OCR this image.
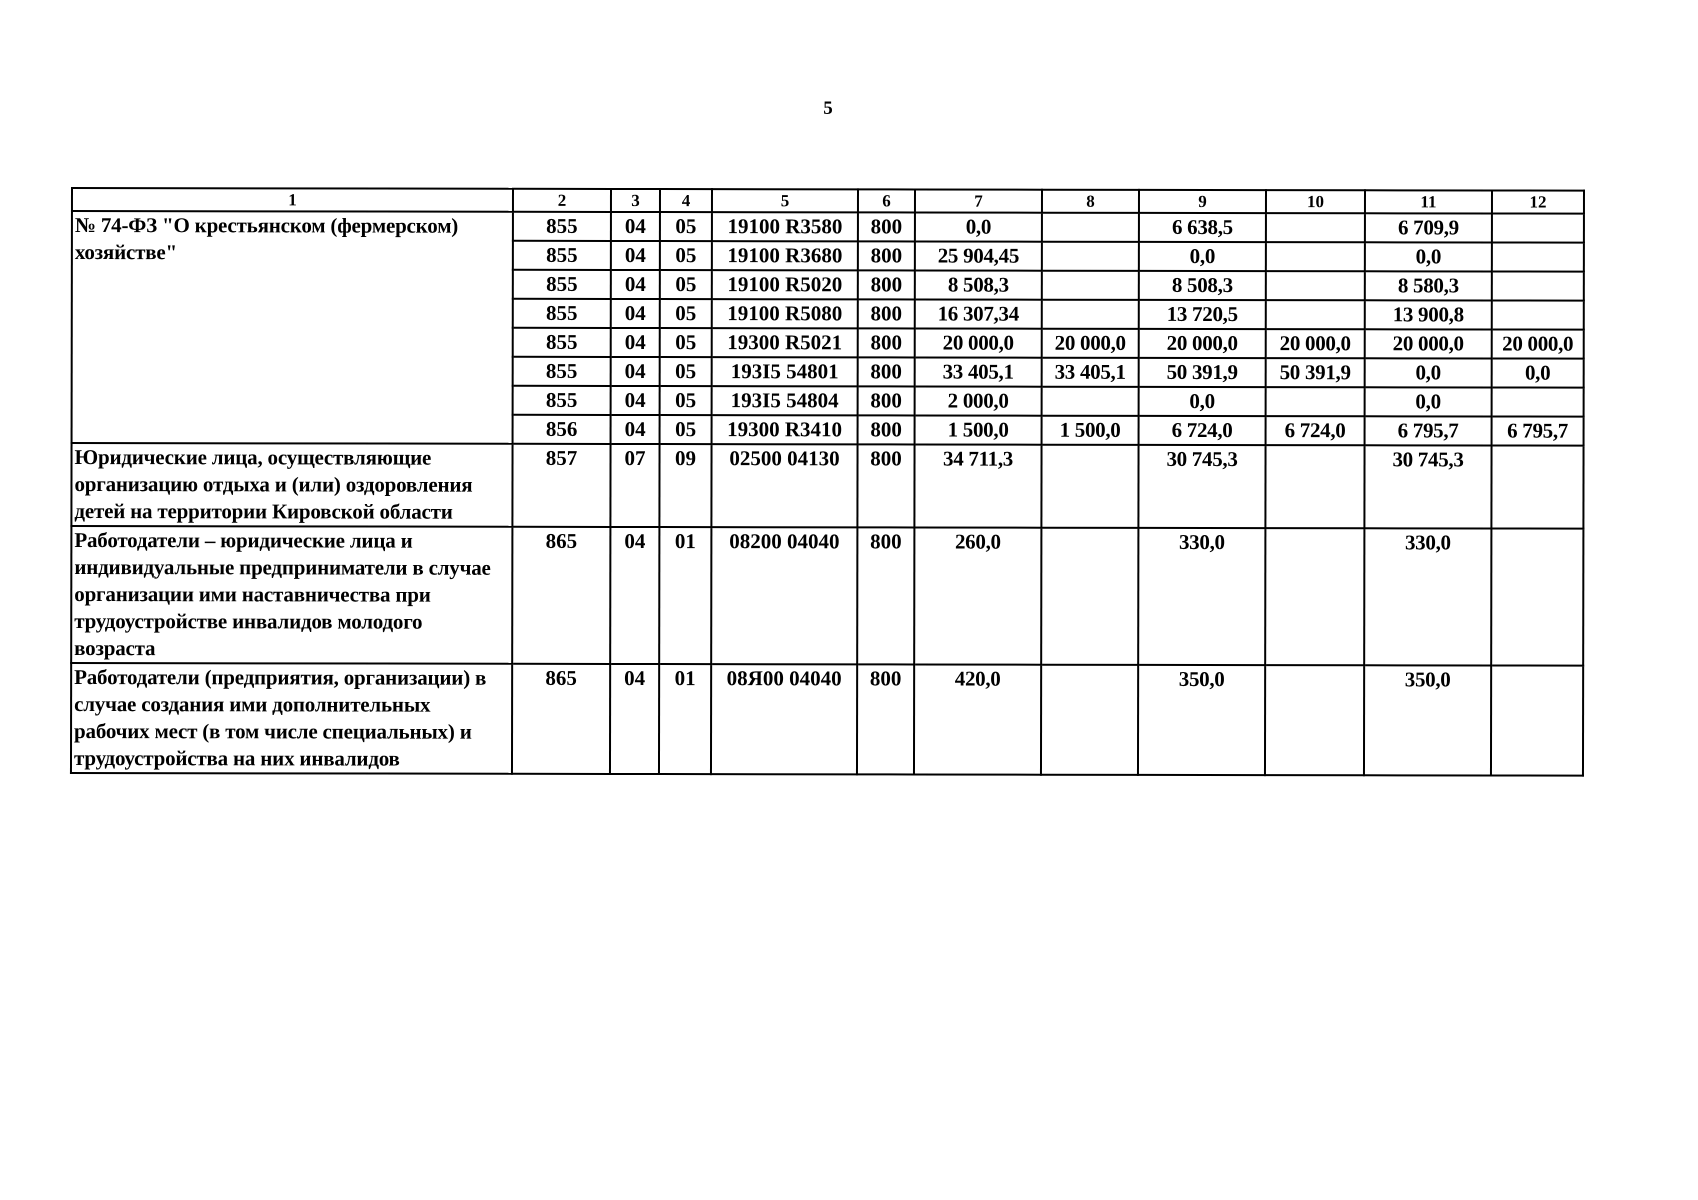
5
1	2	3	4	5	6	7	8	9	10	11	12
№ 74-ФЗ "О крестьянском (фермерском) хозяйстве"	855	04	05	19100 R3580	800	0,0		6 638,5		6 709,9	
	855	04	05	19100 R3680	800	25 904,45		0,0		0,0	
	855	04	05	19100 R5020	800	8 508,3		8 508,3		8 580,3	
	855	04	05	19100 R5080	800	16 307,34		13 720,5		13 900,8	
	855	04	05	19300 R5021	800	20 000,0	20 000,0	20 000,0	20 000,0	20 000,0	20 000,0
	855	04	05	193I5 54801	800	33 405,1	33 405,1	50 391,9	50 391,9	0,0	0,0
	855	04	05	193I5 54804	800	2 000,0		0,0		0,0	
	856	04	05	19300 R3410	800	1 500,0	1 500,0	6 724,0	6 724,0	6 795,7	6 795,7
Юридические лица, осуществляющие организацию отдыха и (или) оздоровления детей на территории Кировской области	857	07	09	02500 04130	800	34 711,3		30 745,3		30 745,3	
Работодатели – юридические лица и индивидуальные предприниматели в случае организации ими наставничества при трудоустройстве инвалидов молодого возраста	865	04	01	08200 04040	800	260,0		330,0		330,0	
Работодатели (предприятия, организации) в случае создания ими дополнительных рабочих мест (в том числе специальных) и трудоустройства на них инвалидов	865	04	01	08Я00 04040	800	420,0		350,0		350,0	
